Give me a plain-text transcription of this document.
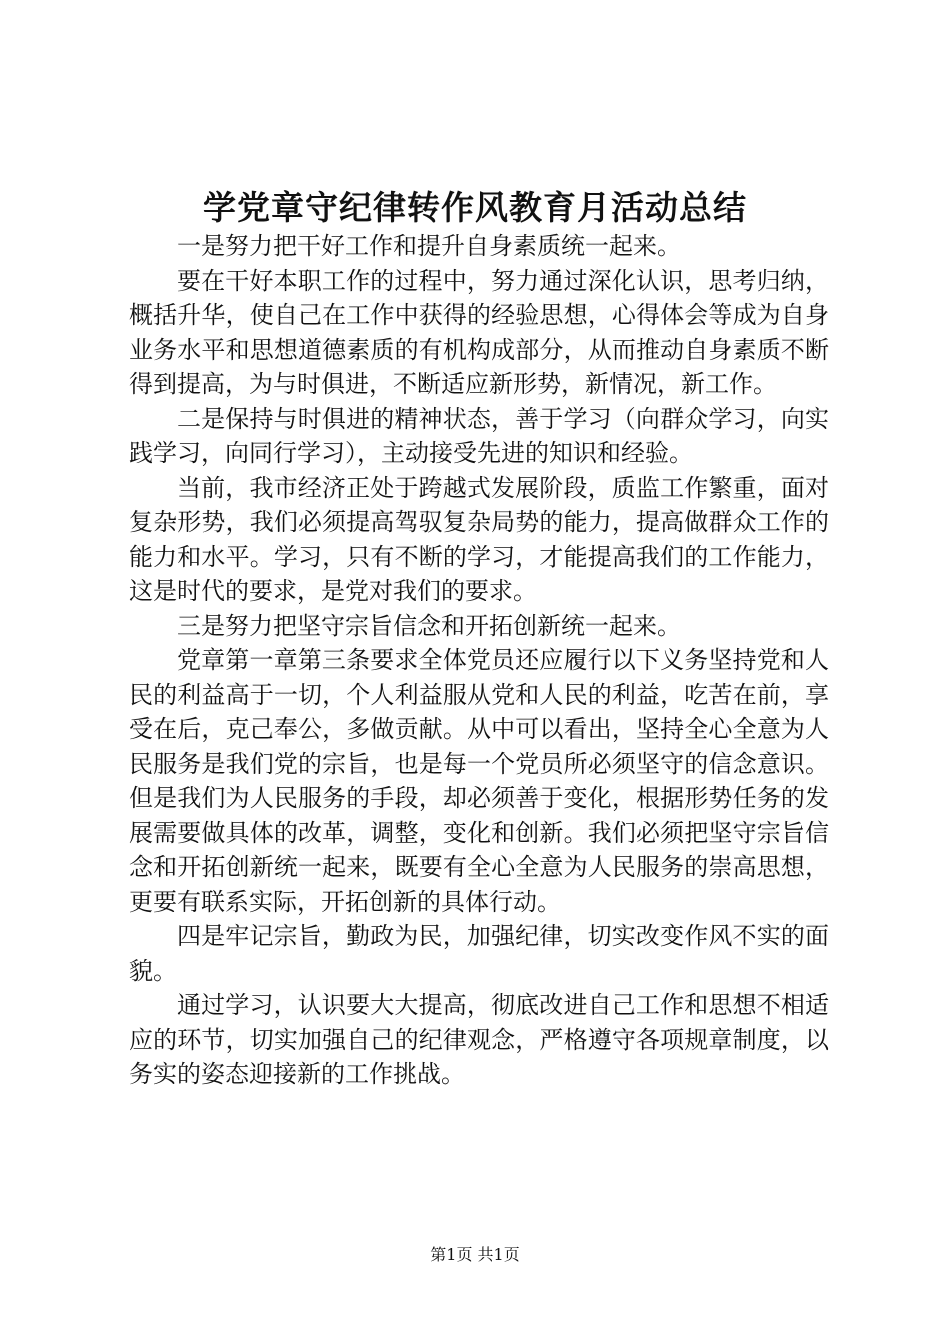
学党章守纪律转作风教育月活动总结

一是努力把干好工作和提升自身素质统一起来。

要在干好本职工作的过程中，努力通过深化认识，思考归纳，概括升华，使自己在工作中获得的经验思想，心得体会等成为自身业务水平和思想道德素质的有机构成部分，从而推动自身素质不断得到提高，为与时俱进，不断适应新形势，新情况，新工作。

二是保持与时俱进的精神状态，善于学习（向群众学习，向实践学习，向同行学习），主动接受先进的知识和经验。

当前，我市经济正处于跨越式发展阶段，质监工作繁重，面对复杂形势，我们必须提高驾驭复杂局势的能力，提高做群众工作的能力和水平。学习，只有不断的学习，才能提高我们的工作能力，这是时代的要求，是党对我们的要求。

三是努力把坚守宗旨信念和开拓创新统一起来。

党章第一章第三条要求全体党员还应履行以下义务坚持党和人民的利益高于一切，个人利益服从党和人民的利益，吃苦在前，享受在后，克己奉公，多做贡献。从中可以看出，坚持全心全意为人民服务是我们党的宗旨，也是每一个党员所必须坚守的信念意识。但是我们为人民服务的手段，却必须善于变化，根据形势任务的发展需要做具体的改革，调整，变化和创新。我们必须把坚守宗旨信念和开拓创新统一起来，既要有全心全意为人民服务的崇高思想，更要有联系实际，开拓创新的具体行动。

四是牢记宗旨，勤政为民，加强纪律，切实改变作风不实的面貌。

通过学习，认识要大大提高，彻底改进自己工作和思想不相适应的环节，切实加强自己的纪律观念，严格遵守各项规章制度，以务实的姿态迎接新的工作挑战。

第1页 共1页
